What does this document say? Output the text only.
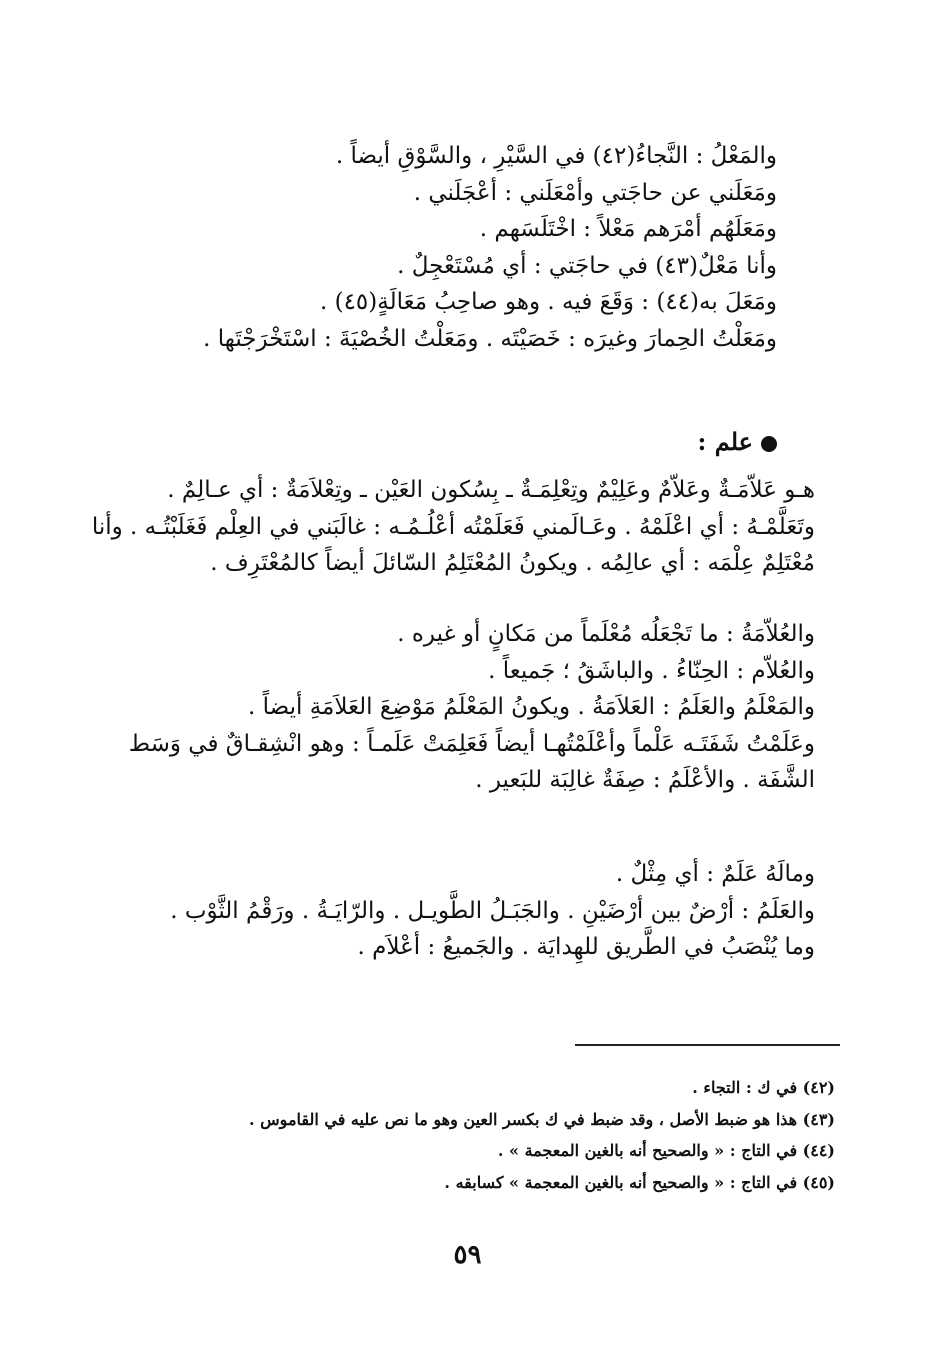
والمَعْلُ : النَّجاءُ(٤٢) في السَّيْرِ ، والسَّوْقِ أيضاً .
ومَعَلَني عن حاجَتي وأمْعَلَني : أعْجَلَني .
ومَعَلَهُم أمْرَهم مَعْلاً : اخْتَلَسَهم .
وأنا مَعْلٌ(٤٣) في حاجَتي : أي مُسْتَعْجِلٌ .
ومَعَلَ به(٤٤) : وَقَعَ فيه . وهو صاحِبُ مَعَالَةٍ(٤٥) .
ومَعَلْتُ الحِمارَ وغيرَه : خَصَيْتَه . ومَعَلْتُ الخُصْيَةَ : اسْتَخْرَجْتَها .
علم :
هـو عَلاّمَـةٌ وعَلاّمٌ وعَلِيْمٌ وتِعْلِمَـةٌ ـ بِسُكون العَيْن ـ وتِعْلاَمَةٌ : أي عـالِمٌ .
وتَعَلَّمْـهُ : أي اعْلَمْهُ . وعَـالَمني فَعَلَمْتُه أعْلُـمُـه : غالَبَني في العِلْم فَغَلَبْتُـه . وأنا
مُعْتَلِمٌ عِلْمَه : أي عالِمُه . ويكونُ المُعْتَلِمُ السّائلَ أيضاً كالمُعْتَرِف .
والعُلاّمَةُ : ما تَجْعَلُه مُعْلَماً من مَكانٍ أو غيره .
والعُلاّم : الحِنّاءُ . والباشَقُ ؛ جَميعاً .
والمَعْلَمُ والعَلَمُ : العَلاَمَةُ . ويكونُ المَعْلَمُ مَوْضِعَ العَلاَمَةِ أيضاً .
وعَلَمْتُ شَفَتَـه عَلْماً وأعْلَمْتُهـا أيضاً فَعَلِمَتْ عَلَمـاً : وهو انْشِقـاقٌ في وَسَط
الشَّفَة . والأعْلَمُ : صِفَةٌ غالِبَة للبَعير .
ومالَهُ عَلَمٌ : أي مِثْلٌ .
والعَلَمُ : أرْضٌ بين أرْضَيْنِ . والجَبَـلُ الطَّويـل . والرّايَـةُ . ورَقْمُ الثَّوْب .
وما يُنْصَبُ في الطَّريق للهِدايَة . والجَميعُ : أعْلاَم .
(٤٢) في ك : التجاء .
(٤٣) هذا هو ضبط الأصل ، وقد ضبط في ك بكسر العين وهو ما نص عليه في القاموس .
(٤٤) في التاج : « والصحيح أنه بالغين المعجمة » .
(٤٥) في التاج : « والصحيح أنه بالغين المعجمة » كسابقه .
٥٩
